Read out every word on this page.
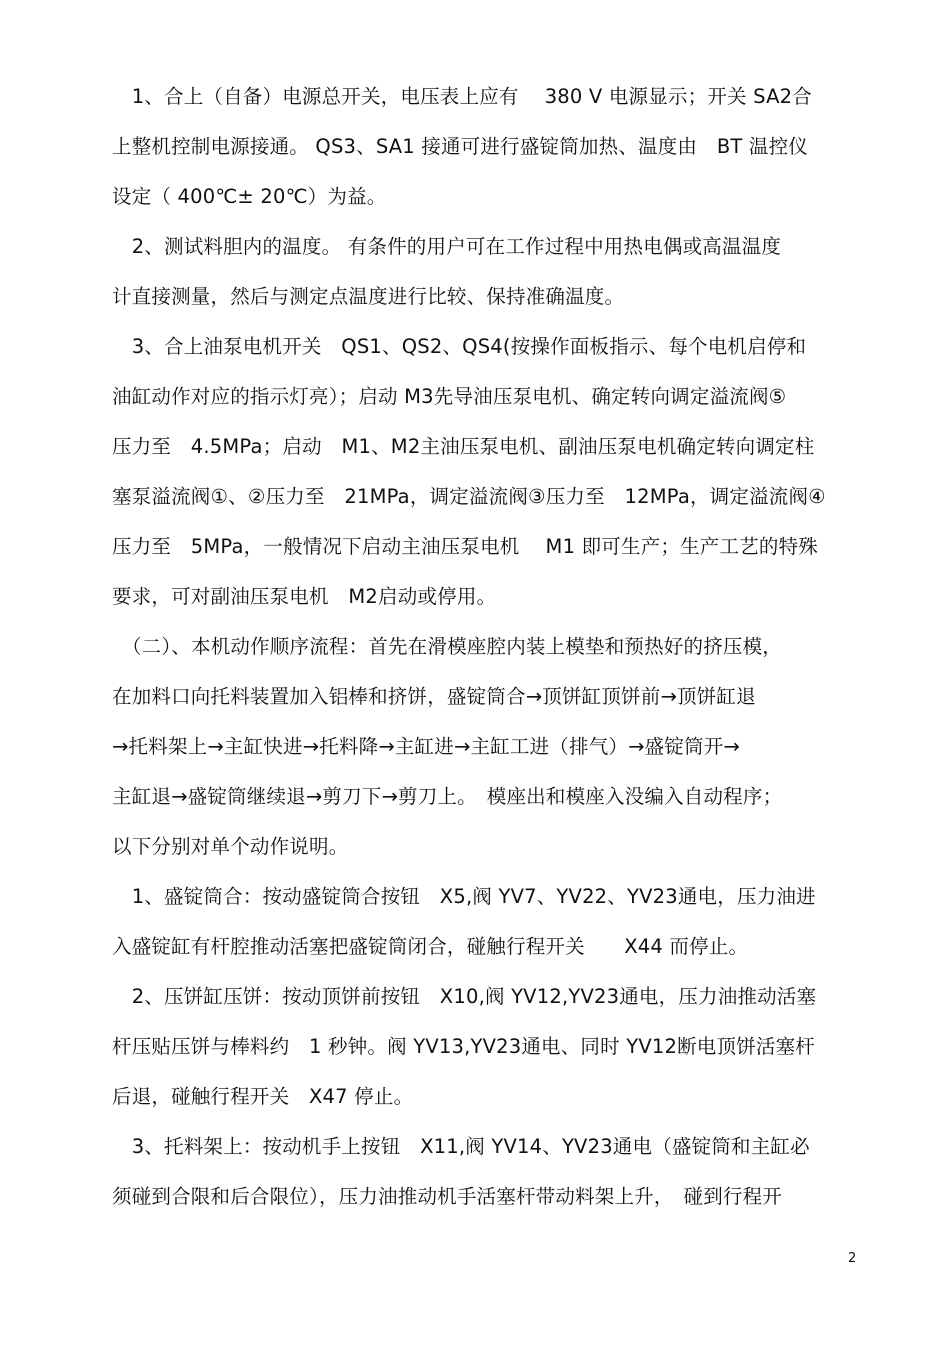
　1、合上（自备）电源总开关，电压表上应有　 380 V 电源显示；开关 SA2合
上整机控制电源接通。 QS3、SA1 接通可进行盛锭筒加热、温度由　BT 温控仪
设定（ 400℃± 20℃）为益。
　2、测试料胆内的温度。 有条件的用户可在工作过程中用热电偶或高温温度
计直接测量，然后与测定点温度进行比较、保持准确温度。
　3、合上油泵电机开关　QS1、QS2、QS4(按操作面板指示、每个电机启停和
油缸动作对应的指示灯亮）；启动 M3先导油压泵电机、确定转向调定溢流阀⑤
压力至　4.5MPa；启动　M1、M2主油压泵电机、副油压泵电机确定转向调定柱
塞泵溢流阀①、②压力至　21MPa，调定溢流阀③压力至　12MPa，调定溢流阀④
压力至　5MPa，一般情况下启动主油压泵电机　 M1 即可生产；生产工艺的特殊
要求，可对副油压泵电机　M2启动或停用。
　（二）、本机动作顺序流程：首先在滑模座腔内装上模垫和预热好的挤压模，
在加料口向托料装置加入铝棒和挤饼，盛锭筒合→顶饼缸顶饼前→顶饼缸退
→托料架上→主缸快进→托料降→主缸进→主缸工进（排气）→盛锭筒开→
主缸退→盛锭筒继续退→剪刀下→剪刀上。　模座出和模座入没编入自动程序；
以下分别对单个动作说明。
　1、盛锭筒合：按动盛锭筒合按钮　X5,阀 YV7、YV22、YV23通电，压力油进
入盛锭缸有杆腔推动活塞把盛锭筒闭合，碰触行程开关　　X44 而停止。
　2、压饼缸压饼：按动顶饼前按钮　X10,阀 YV12,YV23通电，压力油推动活塞
杆压贴压饼与棒料约　1 秒钟。阀 YV13,YV23通电、同时 YV12断电顶饼活塞杆
后退，碰触行程开关　X47 停止。
　3、托料架上：按动机手上按钮　X11,阀 YV14、YV23通电（盛锭筒和主缸必
须碰到合限和后合限位），压力油推动机手活塞杆带动料架上升，　碰到行程开
2
